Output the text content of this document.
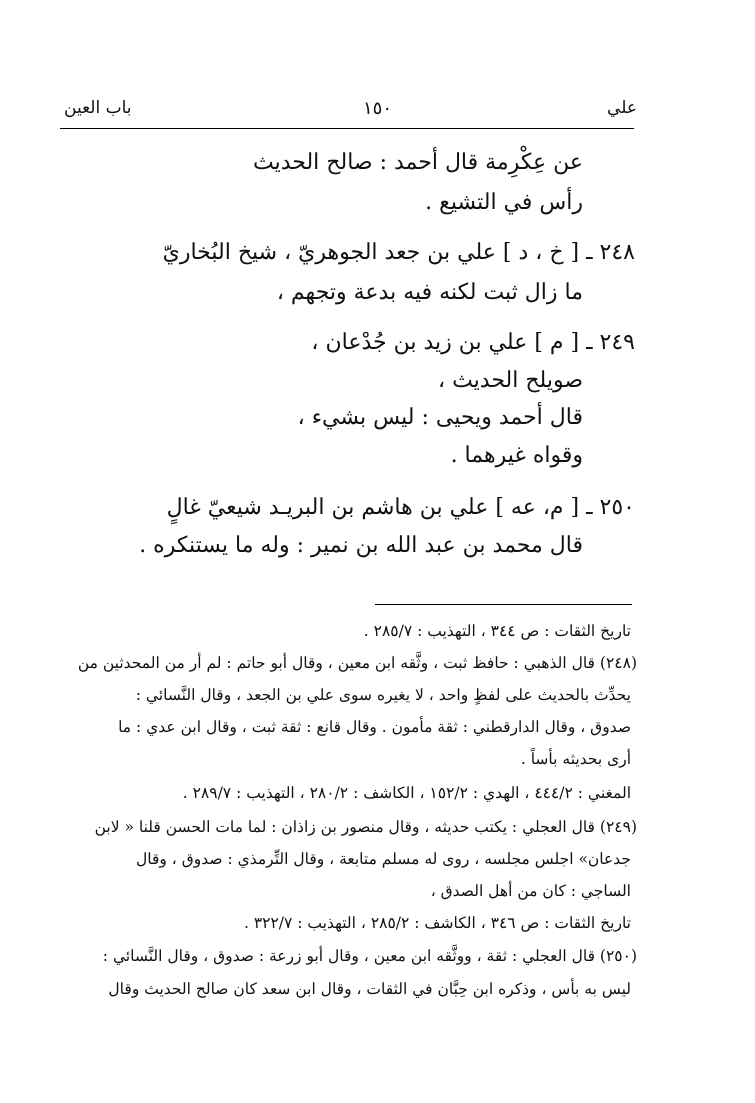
علي
١٥٠
باب العين
عن عِكْرِمة قال أحمد : صالح الحديث
رأس في التشيع .
٢٤٨ ـ [ خ ، د ] علي بن جعد الجوهريّ ، شيخ البُخاريّ
ما زال ثبت لكنه فيه بدعة وتجهم ،
٢٤٩ ـ [ م ] علي بن زيد بن جُدْعان ،
صويلح الحديث ،
قال أحمد ويحيى : ليس بشيء ،
وقواه غيرهما .
٢٥٠ ـ [ م، عه ] علي بن هاشم بن البريـد شيعيّ غالٍ
قال محمد بن عبد الله بن نمير : وله ما يستنكره .
تاريخ الثقات : ص ٣٤٤ ، التهذيب : ٢٨٥/٧ .
(٢٤٨) قال الذهبي : حافظ ثبت ، وثَّقه ابن معين ، وقال أبو حاتم : لم أر من المحدثين من
يحدِّث بالحديث على لفظٍ واحد ، لا يغيره سوى علي بن الجعد ، وقال النَّسائي :
صدوق ، وقال الدارقطني : ثقة مأمون . وقال قانع : ثقة ثبت ، وقال ابن عدي : ما
أرى بحديثه بأساً .
المغني : ٤٤٤/٢ ، الهدي : ١٥٢/٢ ، الكاشف : ٢٨٠/٢ ، التهذيب : ٢٨٩/٧ .
(٢٤٩) قال العجلي : يكتب حديثه ، وقال منصور بن زاذان : لما مات الحسن قلنا « لابن
جدعان» اجلس مجلسه ، روى له مسلم متابعة ، وقال التِّرمذي : صدوق ، وقال
الساجي : كان من أهل الصدق ،
تاريخ الثقات : ص ٣٤٦ ، الكاشف : ٢٨٥/٢ ، التهذيب : ٣٢٢/٧ .
(٢٥٠) قال العجلي : ثقة ، ووثَّقه ابن معين ، وقال أبو زرعة : صدوق ، وقال النَّسائي :
ليس به بأس ، وذكره ابن حِبَّان في الثقات ، وقال ابن سعد كان صالح الحديث وقال
